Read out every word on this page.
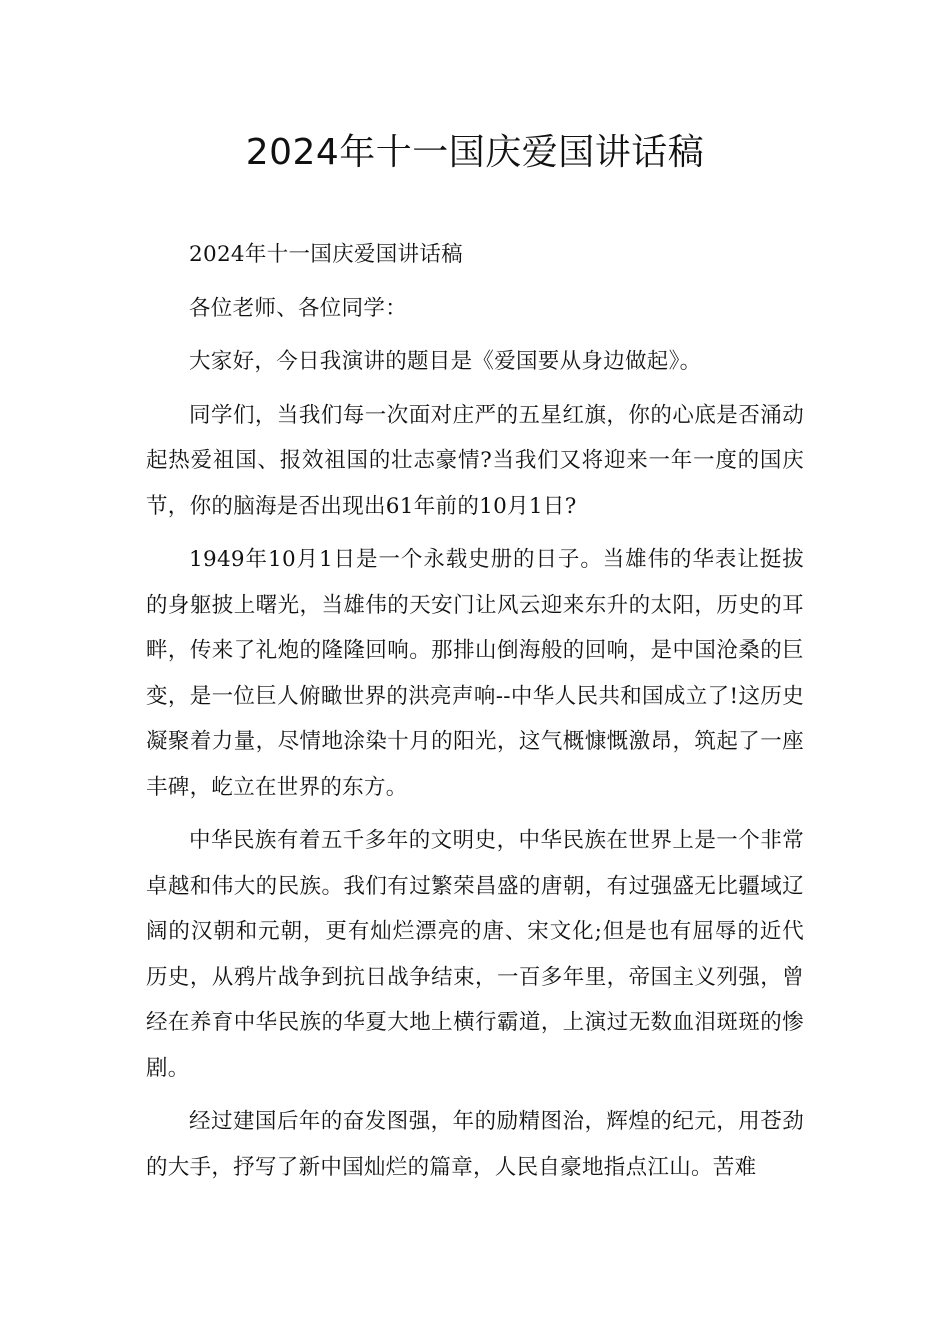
2024年十一国庆爱国讲话稿

2024年十一国庆爱国讲话稿

各位老师、各位同学：

大家好，今日我演讲的题目是《爱国要从身边做起》。

同学们，当我们每一次面对庄严的五星红旗，你的心底是否涌动起热爱祖国、报效祖国的壮志豪情?当我们又将迎来一年一度的国庆节，你的脑海是否出现出61年前的10月1日?

1949年10月1日是一个永载史册的日子。当雄伟的华表让挺拔的身躯披上曙光，当雄伟的天安门让风云迎来东升的太阳，历史的耳畔，传来了礼炮的隆隆回响。那排山倒海般的回响，是中国沧桑的巨变，是一位巨人俯瞰世界的洪亮声响--中华人民共和国成立了!这历史凝聚着力量，尽情地涂染十月的阳光，这气概慷慨激昂，筑起了一座丰碑，屹立在世界的东方。

中华民族有着五千多年的文明史，中华民族在世界上是一个非常卓越和伟大的民族。我们有过繁荣昌盛的唐朝，有过强盛无比疆域辽阔的汉朝和元朝，更有灿烂漂亮的唐、宋文化;但是也有屈辱的近代历史，从鸦片战争到抗日战争结束，一百多年里，帝国主义列强，曾经在养育中华民族的华夏大地上横行霸道，上演过无数血泪斑斑的惨剧。

经过建国后年的奋发图强，年的励精图治，辉煌的纪元，用苍劲的大手，抒写了新中国灿烂的篇章，人民自豪地指点江山。苦难
